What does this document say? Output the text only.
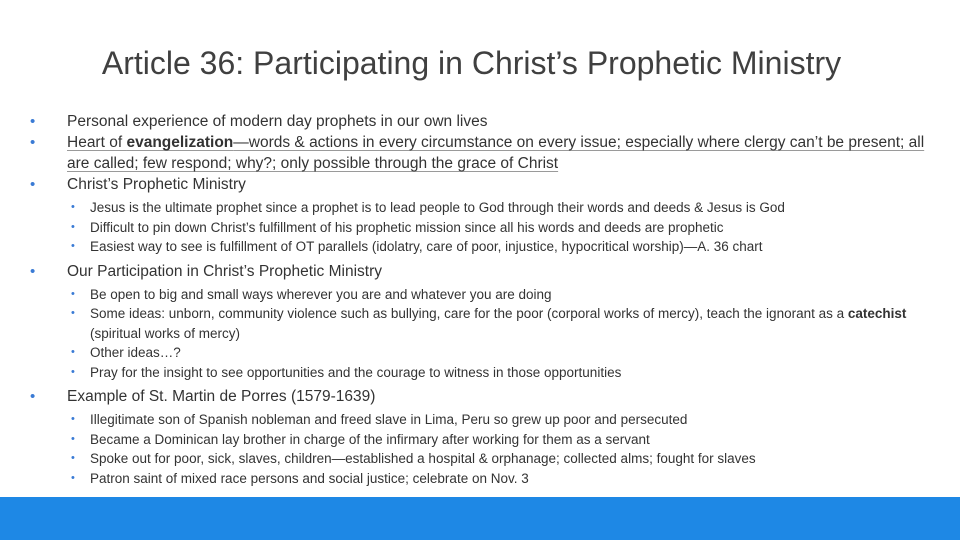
Article 36: Participating in Christ’s Prophetic Ministry
• Personal experience of modern day prophets in our own lives
• Heart of evangelization—words & actions in every circumstance on every issue; especially where clergy can’t be present; all are called; few respond; why?; only possible through the grace of Christ
• Christ’s Prophetic Ministry
• Jesus is the ultimate prophet since a prophet is to lead people to God through their words and deeds & Jesus is God
• Difficult to pin down Christ’s fulfillment of his prophetic mission since all his words and deeds are prophetic
• Easiest way to see is fulfillment of OT parallels (idolatry, care of poor, injustice, hypocritical worship)—A. 36 chart
• Our Participation in Christ’s Prophetic Ministry
• Be open to big and small ways wherever you are and whatever you are doing
• Some ideas: unborn, community violence such as bullying, care for the poor (corporal works of mercy), teach the ignorant as a catechist (spiritual works of mercy)
• Other ideas…?
• Pray for the insight to see opportunities and the courage to witness in those opportunities
• Example of St. Martin de Porres (1579-1639)
• Illegitimate son of Spanish nobleman and freed slave in Lima, Peru so grew up poor and persecuted
• Became a Dominican lay brother in charge of the infirmary after working for them as a servant
• Spoke out for poor, sick, slaves, children—established a hospital & orphanage; collected alms; fought for slaves
• Patron saint of mixed race persons and social justice; celebrate on Nov. 3
